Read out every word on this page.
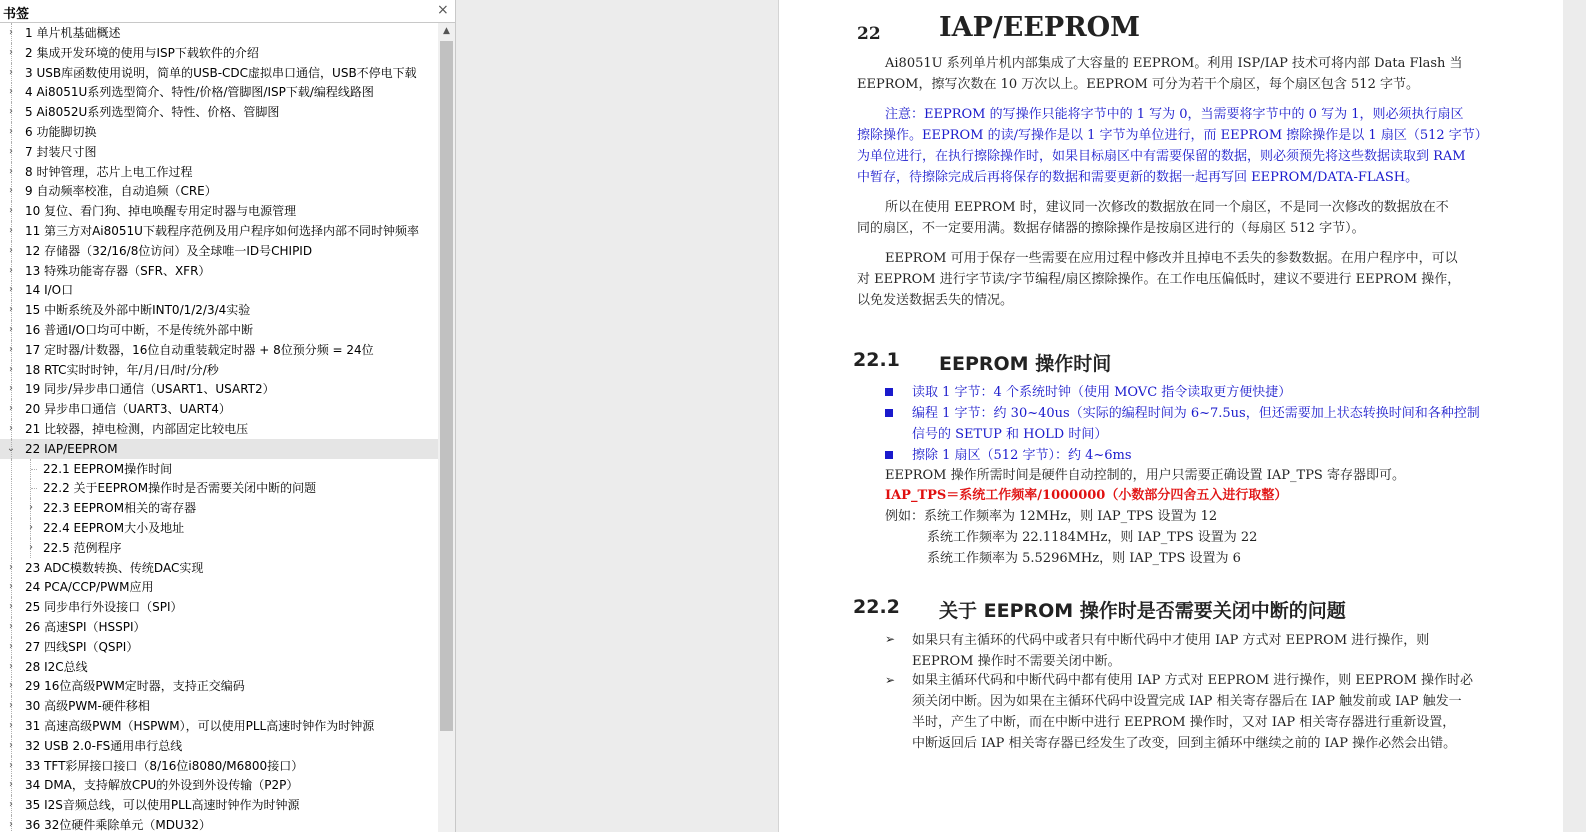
书签	×
› 1 单片机基础概述
› 2 集成开发环境的使用与ISP下载软件的介绍
› 3 USB库函数使用说明，简单的USB-CDC虚拟串口通信，USB不停电下载
› 4 Ai8051U系列选型简介、特性/价格/管脚图/ISP下载/编程线路图
› 5 Ai8052U系列选型简介、特性、价格、管脚图
› 6 功能脚切换
› 7 封装尺寸图
› 8 时钟管理，芯片上电工作过程
› 9 自动频率校准，自动追频（CRE）
› 10 复位、看门狗、掉电唤醒专用定时器与电源管理
› 11 第三方对Ai8051U下载程序范例及用户程序如何选择内部不同时钟频率
› 12 存储器（32/16/8位访问）及全球唯一ID号CHIPID
› 13 特殊功能寄存器（SFR、XFR）
› 14 I/O口
› 15 中断系统及外部中断INT0/1/2/3/4实验
› 16 普通I/O口均可中断，不是传统外部中断
› 17 定时器/计数器，16位自动重装载定时器 + 8位预分频 = 24位
› 18 RTC实时时钟，年/月/日/时/分/秒
› 19 同步/异步串口通信（USART1、USART2）
› 20 异步串口通信（UART3、UART4）
› 21 比较器，掉电检测，内部固定比较电压
⌄ 22 IAP/EEPROM
22.1 EEPROM操作时间
22.2 关于EEPROM操作时是否需要关闭中断的问题
› 22.3 EEPROM相关的寄存器
› 22.4 EEPROM大小及地址
› 22.5 范例程序
› 23 ADC模数转换、传统DAC实现
› 24 PCA/CCP/PWM应用
› 25 同步串行外设接口（SPI）
› 26 高速SPI（HSSPI）
› 27 四线SPI（QSPI）
› 28 I2C总线
› 29 16位高级PWM定时器，支持正交编码
› 30 高级PWM-硬件移相
› 31 高速高级PWM（HSPWM），可以使用PLL高速时钟作为时钟源
› 32 USB 2.0-FS通用串行总线
› 33 TFT彩屏接口接口（8/16位i8080/M6800接口）
› 34 DMA，支持解放CPU的外设到外设传输（P2P）
› 35 I2S音频总线，可以使用PLL高速时钟作为时钟源
› 36 32位硬件乘除单元（MDU32）
▲	22 IAP/EEPROM
Ai8051U 系列单片机内部集成了大容量的 EEPROM。利用 ISP/IAP 技术可将内部 Data Flash 当
EEPROM，擦写次数在 10 万次以上。EEPROM 可分为若干个扇区，每个扇区包含 512 字节。
注意：EEPROM 的写操作只能将字节中的 1 写为 0，当需要将字节中的 0 写为 1，则必须执行扇区
擦除操作。EEPROM 的读/写操作是以 1 字节为单位进行，而 EEPROM 擦除操作是以 1 扇区（512 字节）
为单位进行，在执行擦除操作时，如果目标扇区中有需要保留的数据，则必须预先将这些数据读取到 RAM
中暂存，待擦除完成后再将保存的数据和需要更新的数据一起再写回 EEPROM/DATA-FLASH。
所以在使用 EEPROM 时，建议同一次修改的数据放在同一个扇区，不是同一次修改的数据放在不
同的扇区，不一定要用满。数据存储器的擦除操作是按扇区进行的（每扇区 512 字节）。
EEPROM 可用于保存一些需要在应用过程中修改并且掉电不丢失的参数数据。在用户程序中，可以
对 EEPROM 进行字节读/字节编程/扇区擦除操作。在工作电压偏低时，建议不要进行 EEPROM 操作，
以免发送数据丢失的情况。
22.1 EEPROM 操作时间
读取 1 字节：4 个系统时钟（使用 MOVC 指令读取更方便快捷）
编程 1 字节：约 30~40us（实际的编程时间为 6~7.5us，但还需要加上状态转换时间和各种控制
信号的 SETUP 和 HOLD 时间）
擦除 1 扇区（512 字节）：约 4~6ms
EEPROM 操作所需时间是硬件自动控制的，用户只需要正确设置 IAP_TPS 寄存器即可。
IAP_TPS＝系统工作频率/1000000（小数部分四舍五入进行取整）
例如：系统工作频率为 12MHz，则 IAP_TPS 设置为 12
系统工作频率为 22.1184MHz，则 IAP_TPS 设置为 22
系统工作频率为 5.5296MHz，则 IAP_TPS 设置为 6
22.2 关于 EEPROM 操作时是否需要关闭中断的问题
➢ 如果只有主循环的代码中或者只有中断代码中才使用 IAP 方式对 EEPROM 进行操作，则
EEPROM 操作时不需要关闭中断。
➢ 如果主循环代码和中断代码中都有使用 IAP 方式对 EEPROM 进行操作，则 EEPROM 操作时必
须关闭中断。因为如果在主循环代码中设置完成 IAP 相关寄存器后在 IAP 触发前或 IAP 触发一
半时，产生了中断，而在中断中进行 EEPROM 操作时，又对 IAP 相关寄存器进行重新设置，
中断返回后 IAP 相关寄存器已经发生了改变，回到主循环中继续之前的 IAP 操作必然会出错。
